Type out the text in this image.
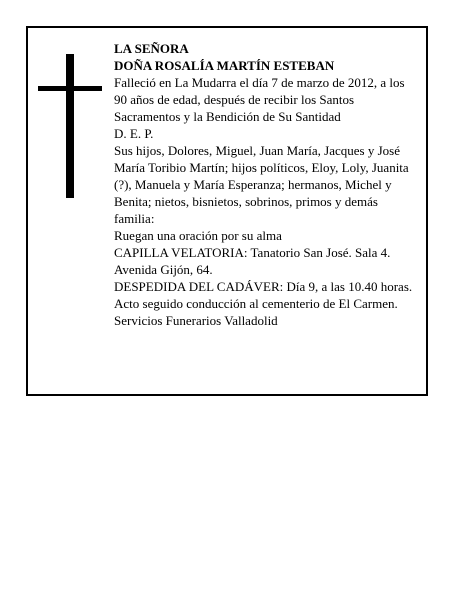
LA SEÑORA

DOÑA ROSALÍA MARTÍN ESTEBAN

Falleció en La Mudarra el día 7 de marzo de 2012, a los 90 años de edad, después de recibir los Santos Sacramentos y la Bendición de Su Santidad

D. E. P.

Sus hijos, Dolores, Miguel, Juan María, Jacques y José María Toribio Martín; hijos políticos, Eloy, Loly, Juanita (?), Manuela y María Esperanza; hermanos, Michel y Benita; nietos, bisnietos, sobrinos, primos y demás familia:

Ruegan una oración por su alma

CAPILLA VELATORIA: Tanatorio San José. Sala 4. Avenida Gijón, 64.

DESPEDIDA DEL CADÁVER: Día 9, a las 10.40 horas. Acto seguido conducción al cementerio de El Carmen.

Servicios Funerarios Valladolid
